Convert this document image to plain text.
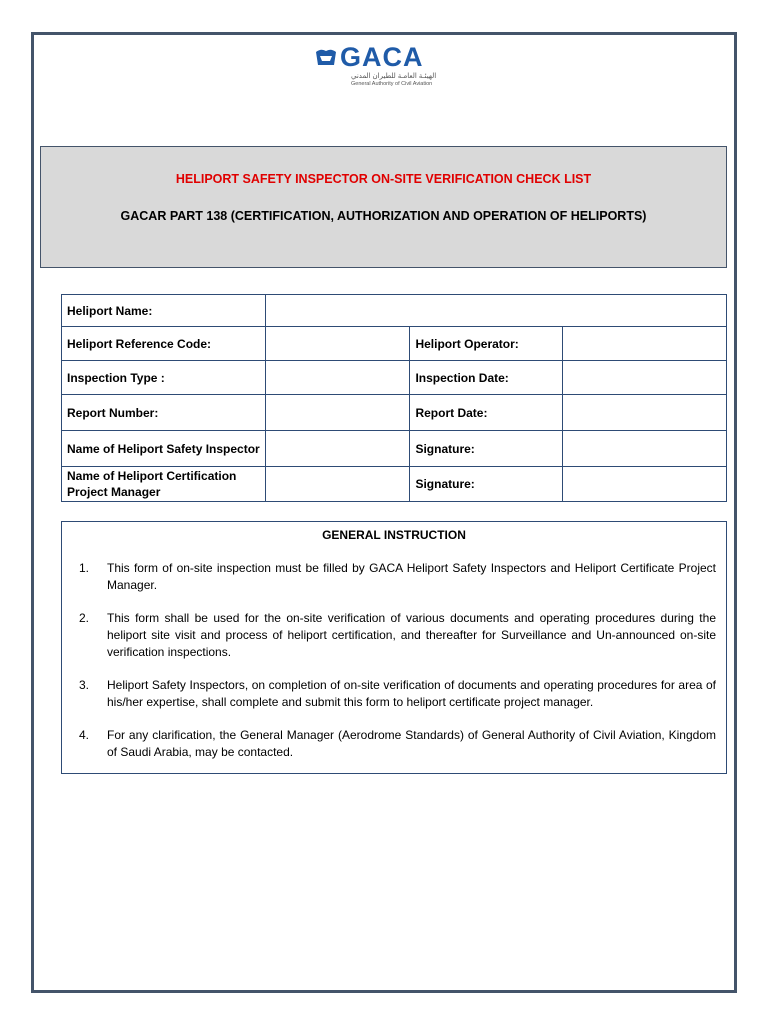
GACA
الهيئـة العامـة للطيران المدني
General Authority of Civil Aviation
HELIPORT SAFETY INSPECTOR ON-SITE VERIFICATION CHECK LIST
GACAR PART 138 (CERTIFICATION, AUTHORIZATION AND OPERATION OF HELIPORTS)
Heliport Name:			
Heliport Reference Code:		Heliport Operator:	
Inspection Type :		Inspection Date:	
Report Number:		Report Date:	
Name of Heliport Safety Inspector		Signature:	
Name of Heliport Certification Project Manager		Signature:	
GENERAL INSTRUCTION
1. This form of on-site inspection must be filled by GACA Heliport Safety Inspectors and Heliport Certificate Project Manager.
2. This form shall be used for the on-site verification of various documents and operating procedures during the heliport site visit and process of heliport certification, and thereafter for Surveillance and Un-announced on-site verification inspections.
3. Heliport Safety Inspectors, on completion of on-site verification of documents and operating procedures for area of his/her expertise, shall complete and submit this form to heliport certificate project manager.
4. For any clarification, the General Manager (Aerodrome Standards) of General Authority of Civil Aviation, Kingdom of Saudi Arabia, may be contacted.
